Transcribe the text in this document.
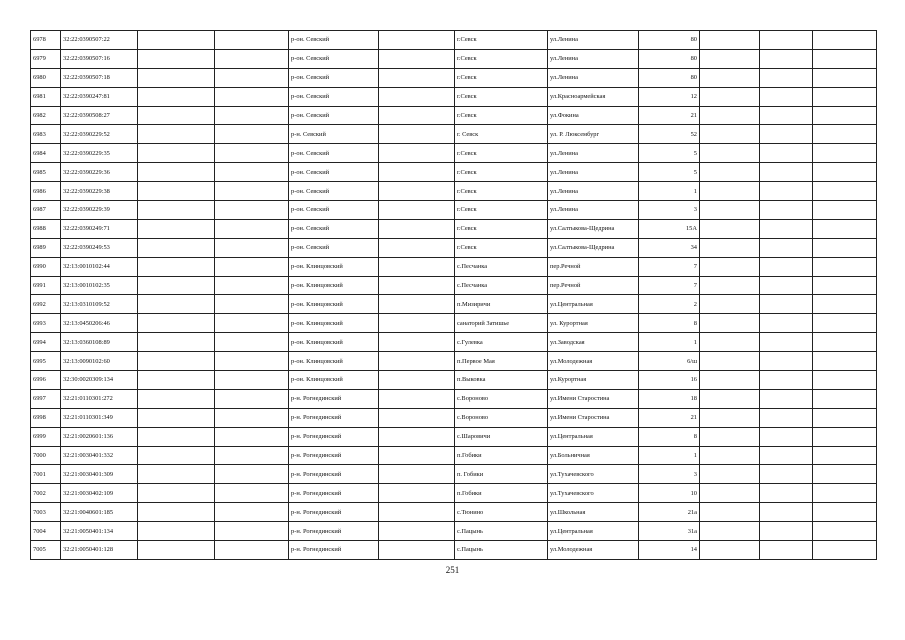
6978	32:22:0390507:22			р-он. Севский		г.Севск	ул.Ленина	80			
6979	32:22:0390507:16			р-он. Севский		г.Севск	ул.Ленина	80			
6980	32:22:0390507:18			р-он. Севский		г.Севск	ул.Ленина	80			
6981	32:22:0390247:81			р-он. Севский		г.Севск	ул.Красноармейская	12			
6982	32:22:0390508:27			р-он. Севский		г.Севск	ул.Фокина	21			
6983	32:22:0390229:52			р-н. Севский		г. Севск	ул. Р. Люксембург	52			
6984	32:22:0390229:35			р-он. Севский		г.Севск	ул.Ленина	5			
6985	32:22:0390229:36			р-он. Севский		г.Севск	ул.Ленина	5			
6986	32:22:0390229:38			р-он. Севский		г.Севск	ул.Ленина	1			
6987	32:22:0390229:39			р-он. Севский		г.Севск	ул.Ленина	3			
6988	32:22:0390249:71			р-он. Севский		г.Севск	ул.Салтыкова-Щедрина	15А			
6989	32:22:0390249:53			р-он. Севский		г.Севск	ул.Салтыкова-Щедрина	34			
6990	32:13:0010102:44			р-он. Клинцовский		с.Песчанка	пер.Речной	7			
6991	32:13:0010102:35			р-он. Клинцовский		с.Песчанка	пер.Речной	7			
6992	32:13:0310109:52			р-он. Клинцовский		п.Мизиричи	ул.Центральная	2			
6993	32:13:0450206:46			р-он. Клинцовский		санаторий Затишье	ул. Курортная	8			
6994	32:13:0360108:89			р-он. Клинцовский		с.Гулевка	ул.Заводская	1			
6995	32:13:0090102:60			р-он. Клинцовский		п.Первое Мая	ул.Молодежная	6/ш			
6996	32:30:0020309:134			р-он. Клинцовский		п.Выковка	ул.Курортная	16			
6997	32:21:0110301:272			р-н. Рогнединский		с.Вороново	ул.Имени Старостина	18			
6998	32:21:0110301:349			р-н. Рогнединский		с.Вороново	ул.Имени Старостина	21			
6999	32:21:0020601:136			р-н. Рогнединский		с.Шаровичи	ул.Центральная	8			
7000	32:21:0030401:332			р-н. Рогнединский		п.Гобики	ул.Больничная	1			
7001	32:21:0030401:309			р-н. Рогнединский		п. Гобики	ул.Тухачевского	3			
7002	32:21:0030402:109			р-н. Рогнединский		п.Гобики	ул.Тухачевского	10			
7003	32:21:0040601:185			р-н. Рогнединский		с.Тюнино	ул.Школьная	21а			
7004	32:21:0050401:134			р-н. Рогнединский		с.Пацынь	ул.Центральная	31а			
7005	32:21:0050401:128			р-н. Рогнединский		с.Пацынь	ул.Молодежная	14			
251
